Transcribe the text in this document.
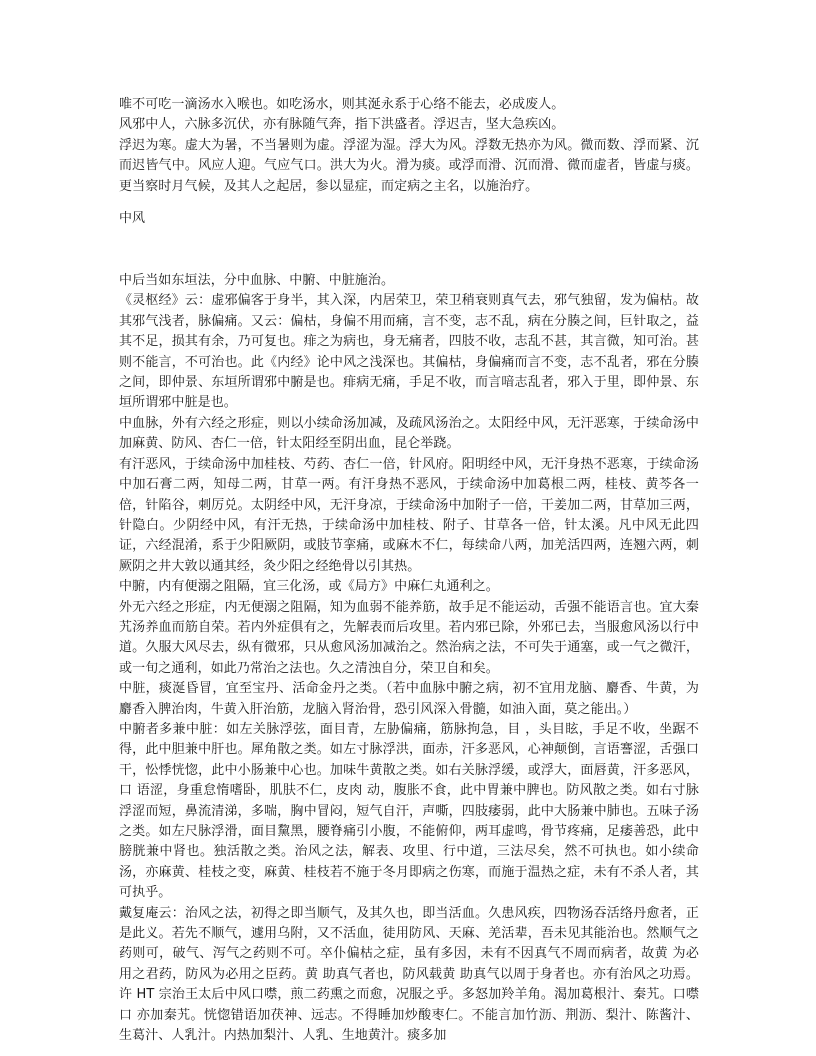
唯不可吃一滴汤水入喉也。如吃汤水，则其涎永系于心络不能去，必成废人。

风邪中人，六脉多沉伏，亦有脉随气奔，指下洪盛者。浮迟吉，坚大急疾凶。

浮迟为寒。虚大为暑，不当暑则为虚。浮涩为湿。浮大为风。浮数无热亦为风。微而数、浮而紧、沉而迟皆气中。风应人迎。气应气口。洪大为火。滑为痰。或浮而滑、沉而滑、微而虚者，皆虚与痰。更当察时月气候，及其人之起居，参以显症，而定病之主名，以施治疗。

中风

中后当如东垣法，分中血脉、中腑、中脏施治。

《灵枢经》云：虚邪偏客于身半，其入深，内居荣卫，荣卫稍衰则真气去，邪气独留，发为偏枯。故其邪气浅者，脉偏痛。又云：偏枯，身偏不用而痛，言不变，志不乱，病在分腠之间，巨针取之，益其不足，损其有余，乃可复也。痱之为病也，身无痛者，四肢不收，志乱不甚，其言微，知可治。甚则不能言，不可治也。此《内经》论中风之浅深也。其偏枯，身偏痛而言不变，志不乱者，邪在分腠之间，即仲景、东垣所谓邪中腑是也。痱病无痛，手足不收，而言喑志乱者，邪入于里，即仲景、东垣所谓邪中脏是也。

中血脉，外有六经之形症，则以小续命汤加减，及疏风汤治之。太阳经中风，无汗恶寒，于续命汤中加麻黄、防风、杏仁一倍，针太阳经至阴出血，昆仑举跷。

有汗恶风，于续命汤中加桂枝、芍药、杏仁一倍，针风府。阳明经中风，无汗身热不恶寒，于续命汤中加石膏二两，知母二两，甘草一两。有汗身热不恶风，于续命汤中加葛根二两，桂枝、黄芩各一倍，针陷谷，刺厉兑。太阴经中风，无汗身凉，于续命汤中加附子一倍，干姜加二两，甘草加三两，针隐白。少阴经中风，有汗无热，于续命汤中加桂枝、附子、甘草各一倍，针太溪。凡中风无此四证，六经混淆，系于少阳厥阴，或肢节挛痛，或麻木不仁，每续命八两，加羌活四两，连翘六两，刺厥阴之井大敦以通其经，灸少阳之经绝骨以引其热。

中腑，内有便溺之阻隔，宜三化汤，或《局方》中麻仁丸通利之。

外无六经之形症，内无便溺之阻隔，知为血弱不能养筋，故手足不能运动，舌强不能语言也。宜大秦艽汤养血而筋自荣。若内外症俱有之，先解表而后攻里。若内邪已除，外邪已去，当服愈风汤以行中道。久服大风尽去，纵有微邪，只从愈风汤加减治之。然治病之法，不可失于通塞，或一气之微汗，或一旬之通利，如此乃常治之法也。久之清浊自分，荣卫自和矣。

中脏，痰涎昏冒，宜至宝丹、活命金丹之类。（若中血脉中腑之病，初不宜用龙脑、麝香、牛黄，为麝香入脾治肉，牛黄入肝治筋，龙脑入肾治骨，恐引风深入骨髓，如油入面，莫之能出。）

中腑者多兼中脏：如左关脉浮弦，面目青，左胁偏痛，筋脉拘急，目 ，头目眩，手足不收，坐踞不得，此中胆兼中肝也。犀角散之类。如左寸脉浮洪，面赤，汗多恶风，心神颠倒，言语謇涩，舌强口干，忪悸恍惚，此中小肠兼中心也。加味牛黄散之类。如右关脉浮缓，或浮大，面唇黄，汗多恶风，口 语涩，身重怠惰嗜卧，肌肤不仁，皮肉 动，腹胀不食，此中胃兼中脾也。防风散之类。如右寸脉浮涩而短，鼻流清涕，多喘，胸中冒闷，短气自汗，声嘶，四肢痿弱，此中大肠兼中肺也。五味子汤之类。如左尺脉浮滑，面目黧黑，腰脊痛引小腹，不能俯仰，两耳虚鸣，骨节疼痛，足痿善恐，此中膀胱兼中肾也。独活散之类。治风之法，解表、攻里、行中道，三法尽矣，然不可执也。如小续命汤，亦麻黄、桂枝之变，麻黄、桂枝若不施于冬月即病之伤寒，而施于温热之症，未有不杀人者，其可执乎。

戴复庵云：治风之法，初得之即当顺气，及其久也，即当活血。久患风疾，四物汤吞活络丹愈者，正是此义。若先不顺气，遽用乌附，又不活血，徒用防风、天麻、羌活辈，吾未见其能治也。然顺气之药则可，破气、泻气之药则不可。卒仆偏枯之症，虽有多因，未有不因真气不周而病者，故黄 为必用之君药，防风为必用之臣药。黄 助真气者也，防风载黄 助真气以周于身者也。亦有治风之功焉。许 HT 宗治王太后中风口噤，煎二药熏之而愈，况服之乎。多怒加羚羊角。渴加葛根汁、秦艽。口噤口 亦加秦艽。恍惚错语加茯神、远志。不得睡加炒酸枣仁。不能言加竹沥、荆沥、梨汁、陈酱汁、生葛汁、人乳汁。内热加梨汁、人乳、生地黄汁。痰多加
